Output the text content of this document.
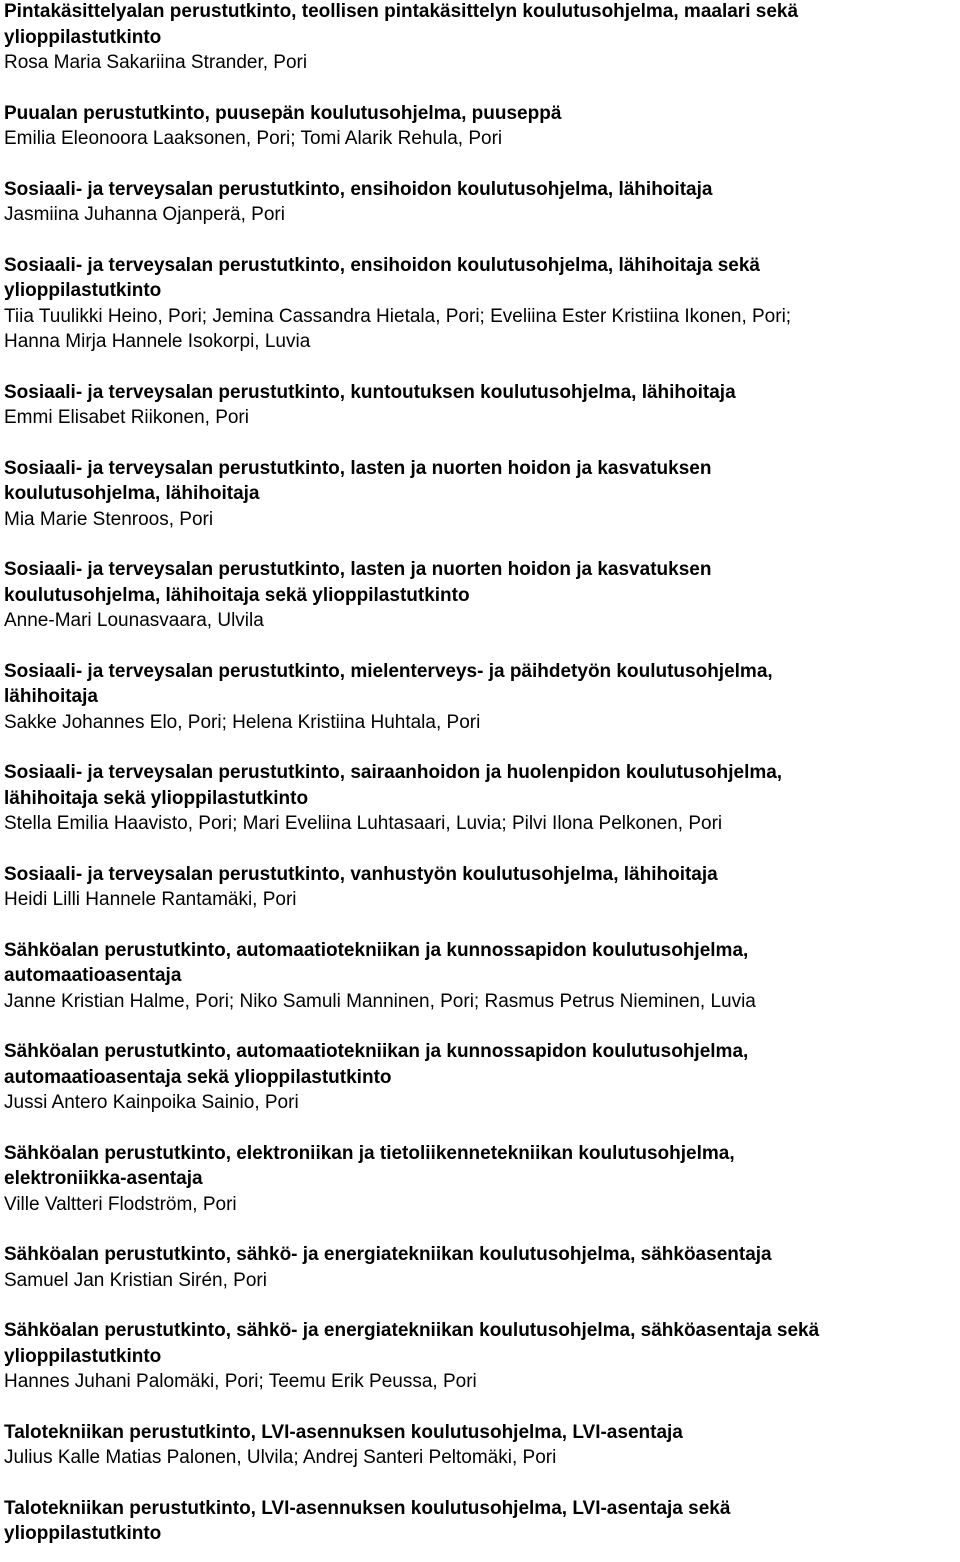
Pintakäsittelyalan perustutkinto, teollisen pintakäsittelyn koulutusohjelma, maalari sekä
ylioppilastutkinto

Rosa Maria Sakariina Strander, Pori

Puualan perustutkinto, puusepän koulutusohjelma, puuseppä

Emilia Eleonoora Laaksonen, Pori; Tomi Alarik Rehula, Pori

Sosiaali- ja terveysalan perustutkinto, ensihoidon koulutusohjelma, lähihoitaja

Jasmiina Juhanna Ojanperä, Pori

Sosiaali- ja terveysalan perustutkinto, ensihoidon koulutusohjelma, lähihoitaja sekä
ylioppilastutkinto

Tiia Tuulikki Heino, Pori; Jemina Cassandra Hietala, Pori; Eveliina Ester Kristiina Ikonen, Pori;
Hanna Mirja Hannele Isokorpi, Luvia

Sosiaali- ja terveysalan perustutkinto, kuntoutuksen koulutusohjelma, lähihoitaja

Emmi Elisabet Riikonen, Pori

Sosiaali- ja terveysalan perustutkinto, lasten ja nuorten hoidon ja kasvatuksen
koulutusohjelma, lähihoitaja

Mia Marie Stenroos, Pori

Sosiaali- ja terveysalan perustutkinto, lasten ja nuorten hoidon ja kasvatuksen
koulutusohjelma, lähihoitaja sekä ylioppilastutkinto

Anne-Mari Lounasvaara, Ulvila

Sosiaali- ja terveysalan perustutkinto, mielenterveys- ja päihdetyön koulutusohjelma,
lähihoitaja

Sakke Johannes Elo, Pori; Helena Kristiina Huhtala, Pori

Sosiaali- ja terveysalan perustutkinto, sairaanhoidon ja huolenpidon koulutusohjelma,
lähihoitaja sekä ylioppilastutkinto

Stella Emilia Haavisto, Pori; Mari Eveliina Luhtasaari, Luvia; Pilvi Ilona Pelkonen, Pori

Sosiaali- ja terveysalan perustutkinto, vanhustyön koulutusohjelma, lähihoitaja

Heidi Lilli Hannele Rantamäki, Pori

Sähköalan perustutkinto, automaatiotekniikan ja kunnossapidon koulutusohjelma,
automaatioasentaja

Janne Kristian Halme, Pori; Niko Samuli Manninen, Pori; Rasmus Petrus Nieminen, Luvia

Sähköalan perustutkinto, automaatiotekniikan ja kunnossapidon koulutusohjelma,
automaatioasentaja sekä ylioppilastutkinto

Jussi Antero Kainpoika Sainio, Pori

Sähköalan perustutkinto, elektroniikan ja tietoliikennetekniikan koulutusohjelma,
elektroniikka-asentaja

Ville Valtteri Flodström, Pori

Sähköalan perustutkinto, sähkö- ja energiatekniikan koulutusohjelma, sähköasentaja

Samuel Jan Kristian Sirén, Pori

Sähköalan perustutkinto, sähkö- ja energiatekniikan koulutusohjelma, sähköasentaja sekä
ylioppilastutkinto

Hannes Juhani Palomäki, Pori; Teemu Erik Peussa, Pori

Talotekniikan perustutkinto, LVI-asennuksen koulutusohjelma, LVI-asentaja

Julius Kalle Matias Palonen, Ulvila; Andrej Santeri Peltomäki, Pori

Talotekniikan perustutkinto, LVI-asennuksen koulutusohjelma, LVI-asentaja sekä
ylioppilastutkinto
